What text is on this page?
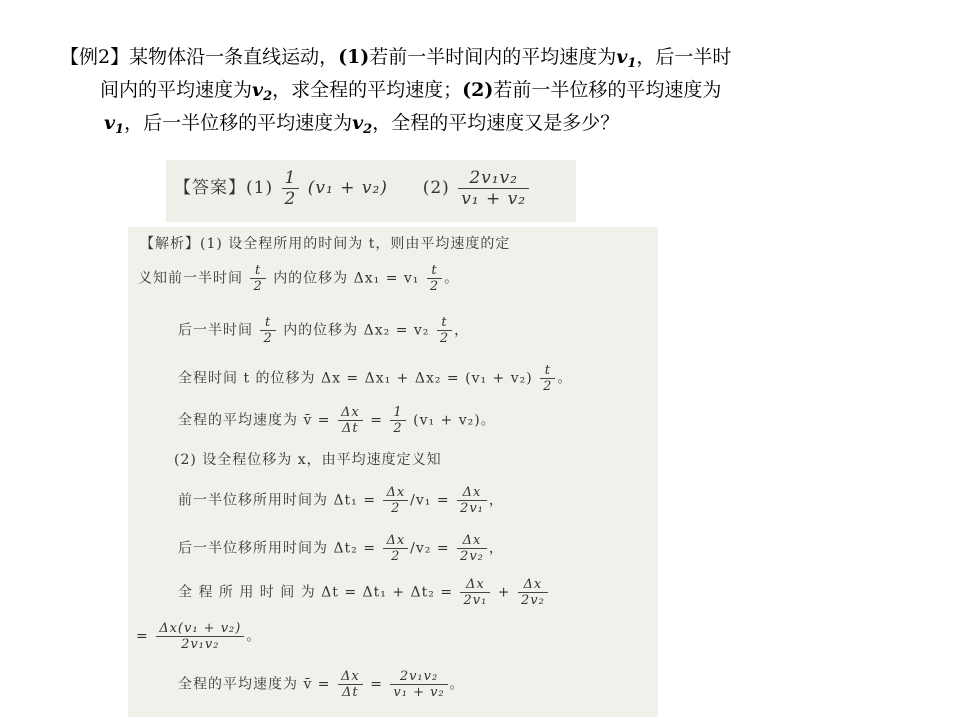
【例2】某物体沿一条直线运动，(1)若前一半时间内的平均速度为$v_1$，后一半时
间内的平均速度为$v_2$，求全程的平均速度；(2)若前一半位移的平均速度为
$v_1$，后一半位移的平均速度为$v_2$，全程的平均速度又是多少？
【答案】$(1) \frac{1}{2} (v_1 + v_2)$ $(2) \frac{\text{2v₁v₂}}{\text{v₁ + v₂}}$
【解析】(1) 设全程所用的时间为 t，则由平均速度的定
义知前一半时间 $\frac{t}{2}$ 内的位移为 $\Delta x_1 = v_1 \frac{t}{2}$ 。
后一半时间 $\frac{t}{2}$ 内的位移为 $\Delta x_2 = v_2 \frac{t}{2}$ ，
全程时间 t 的位移为 $\Delta x = \Delta x_1 + \Delta x_2 = (v_1 + v_2) \frac{t}{2}$ 。
全程的平均速度为 v̄ = $\frac{\Delta x}{\Delta t} = \frac{1}{2} (v_1 + v_2)$。
(2) 设全程位移为 x，由平均速度定义知
前一半位移所用时间为 $\Delta t_1 = \frac{\Delta x}{2} /v_1 = \frac{\Delta x}{\text{2v₁}}$ ，
后一半位移所用时间为 $\Delta t_2 = \frac{\Delta x}{2} /v_2 = \frac{\Delta x}{\text{2v₂}}$ ，
全 程 所 用 时 间 为 $\Delta t = \Delta t_1 + \Delta t_2 = \frac{\Delta x}{\text{2v₁}} + \frac{\Delta x}{\text{2v₂}}$
= $\frac{\text{Δx(v₁ + v₂)}}{\text{2v₁v₂}}$ 。
全程的平均速度为 v̄ = $\frac{\Delta x}{\Delta t} = \frac{\text{2v₁v₂}}{\text{v₁ + v₂}}$ 。
